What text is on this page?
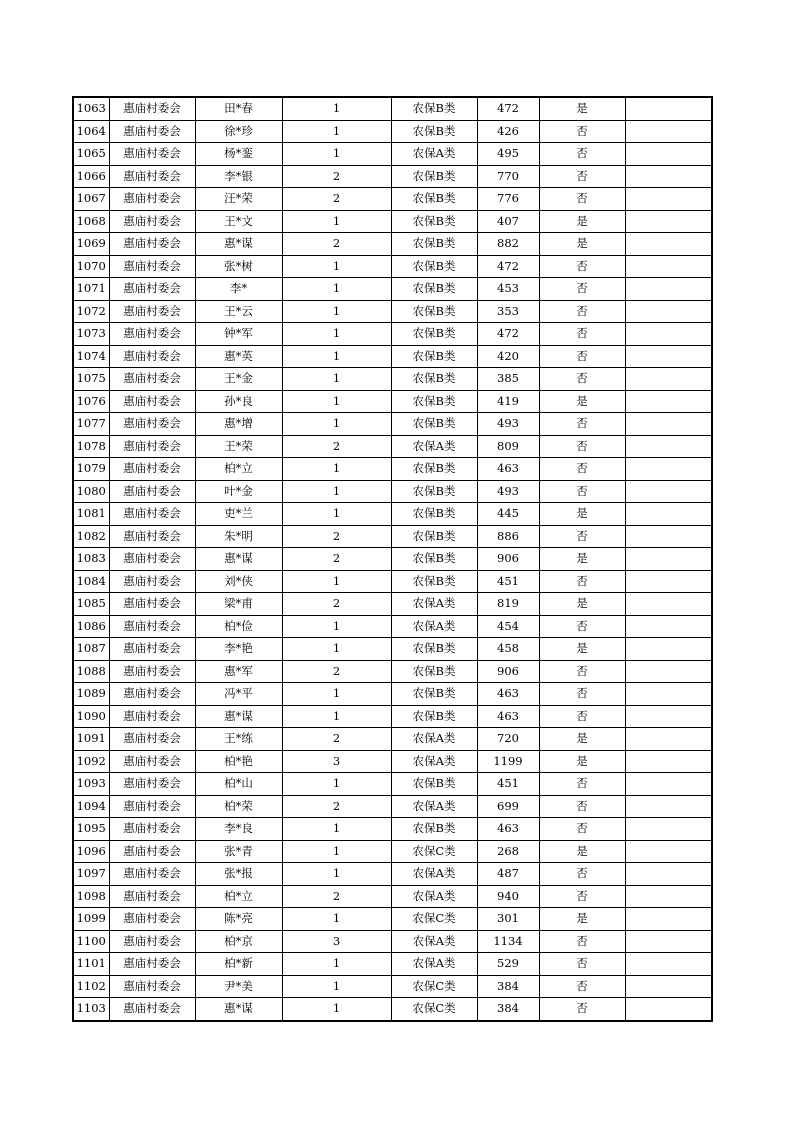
1063	惠庙村委会	田*春	1	农保B类	472	是	
1064	惠庙村委会	徐*珍	1	农保B类	426	否	
1065	惠庙村委会	杨*銮	1	农保A类	495	否	
1066	惠庙村委会	李*银	2	农保B类	770	否	
1067	惠庙村委会	汪*荣	2	农保B类	776	否	
1068	惠庙村委会	王*文	1	农保B类	407	是	
1069	惠庙村委会	惠*谋	2	农保B类	882	是	
1070	惠庙村委会	张*树	1	农保B类	472	否	
1071	惠庙村委会	李*	1	农保B类	453	否	
1072	惠庙村委会	王*云	1	农保B类	353	否	
1073	惠庙村委会	钟*军	1	农保B类	472	否	
1074	惠庙村委会	惠*英	1	农保B类	420	否	
1075	惠庙村委会	王*金	1	农保B类	385	否	
1076	惠庙村委会	孙*良	1	农保B类	419	是	
1077	惠庙村委会	惠*增	1	农保B类	493	否	
1078	惠庙村委会	王*荣	2	农保A类	809	否	
1079	惠庙村委会	柏*立	1	农保B类	463	否	
1080	惠庙村委会	叶*金	1	农保B类	493	否	
1081	惠庙村委会	吏*兰	1	农保B类	445	是	
1082	惠庙村委会	朱*明	2	农保B类	886	否	
1083	惠庙村委会	惠*谋	2	农保B类	906	是	
1084	惠庙村委会	刘*侠	1	农保B类	451	否	
1085	惠庙村委会	梁*甫	2	农保A类	819	是	
1086	惠庙村委会	柏*俭	1	农保A类	454	否	
1087	惠庙村委会	李*艳	1	农保B类	458	是	
1088	惠庙村委会	惠*军	2	农保B类	906	否	
1089	惠庙村委会	冯*平	1	农保B类	463	否	
1090	惠庙村委会	惠*谋	1	农保B类	463	否	
1091	惠庙村委会	王*练	2	农保A类	720	是	
1092	惠庙村委会	柏*艳	3	农保A类	1199	是	
1093	惠庙村委会	柏*山	1	农保B类	451	否	
1094	惠庙村委会	柏*荣	2	农保A类	699	否	
1095	惠庙村委会	李*良	1	农保B类	463	否	
1096	惠庙村委会	张*青	1	农保C类	268	是	
1097	惠庙村委会	张*报	1	农保A类	487	否	
1098	惠庙村委会	柏*立	2	农保A类	940	否	
1099	惠庙村委会	陈*亮	1	农保C类	301	是	
1100	惠庙村委会	柏*京	3	农保A类	1134	否	
1101	惠庙村委会	柏*新	1	农保A类	529	否	
1102	惠庙村委会	尹*美	1	农保C类	384	否	
1103	惠庙村委会	惠*谋	1	农保C类	384	否	
